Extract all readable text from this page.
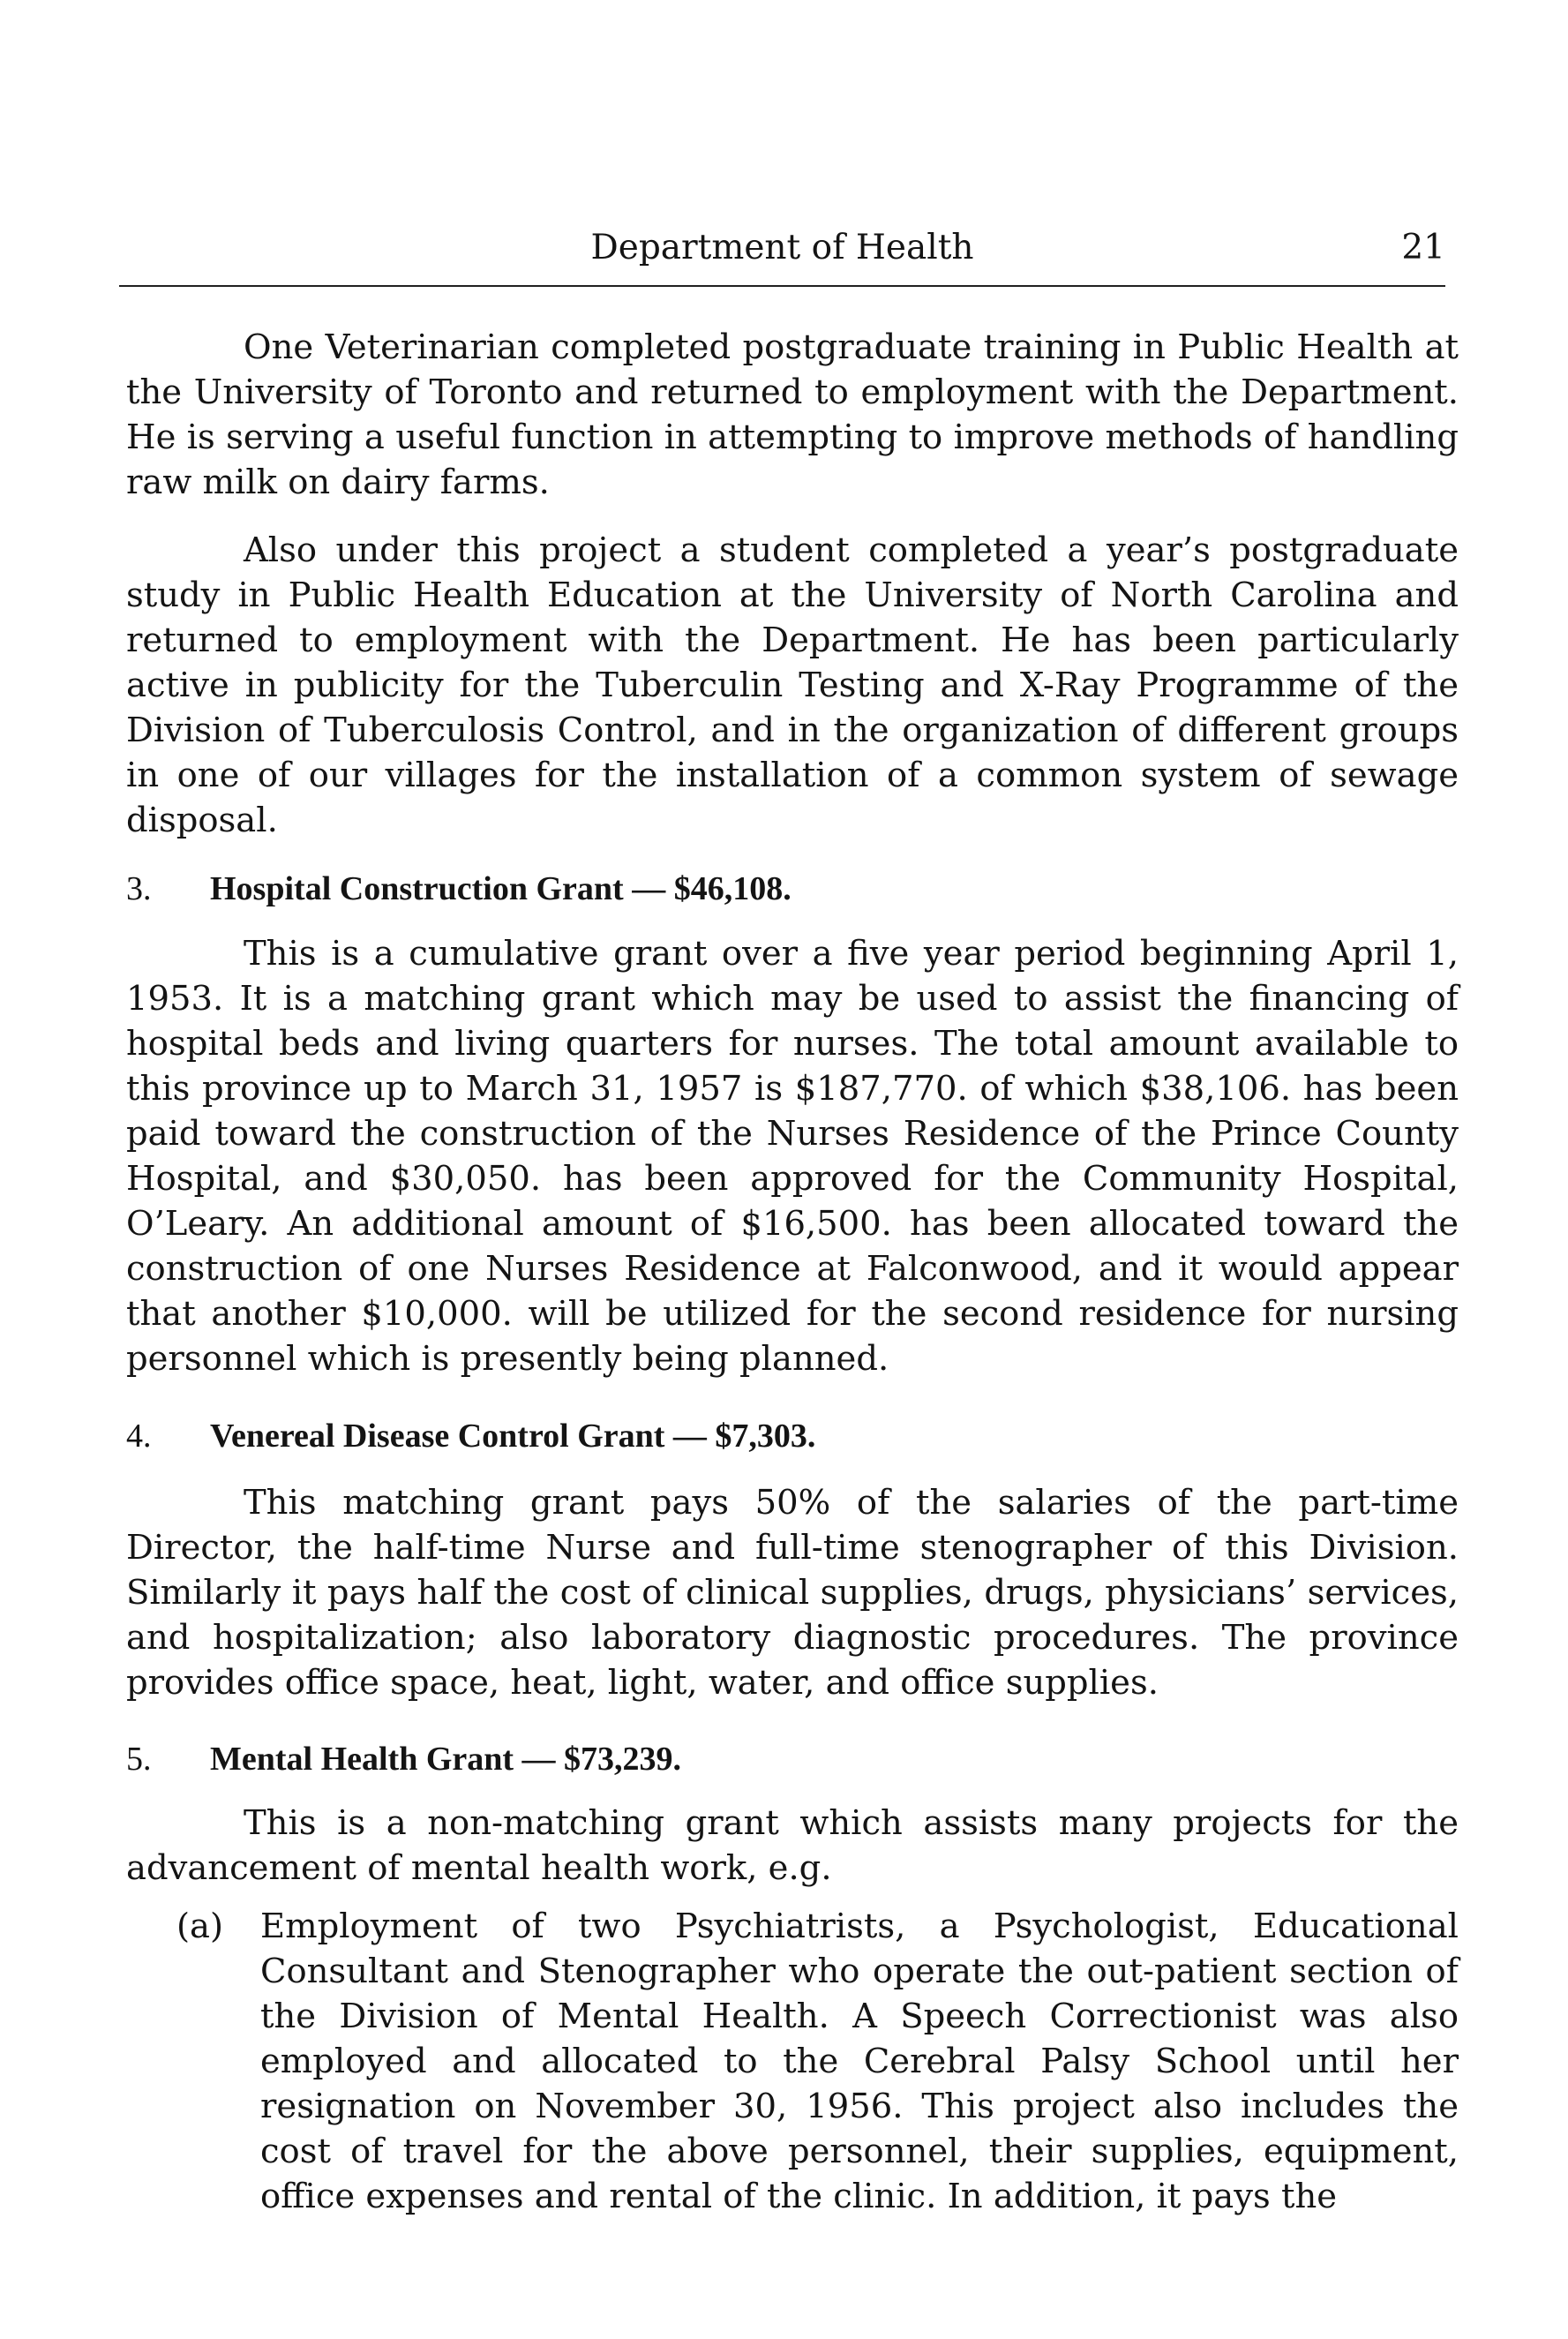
Department of Health	21

One Veterinarian completed postgraduate training in Public Health at the University of Toronto and returned to employment with the Department. He is serving a useful function in attempting to improve methods of handling raw milk on dairy farms.

Also under this project a student completed a year’s postgraduate study in Public Health Education at the University of North Carolina and returned to employment with the Department. He has been particularly active in publicity for the Tuberculin Testing and X-Ray Programme of the Division of Tuberculosis Control, and in the organization of different groups in one of our villages for the installation of a common system of sewage disposal.

3. Hospital Construction Grant — $46,108.

This is a cumulative grant over a five year period beginning April 1, 1953. It is a matching grant which may be used to assist the financing of hospital beds and living quarters for nurses. The total amount available to this province up to March 31, 1957 is $187,770. of which $38,106. has been paid toward the construction of the Nurses Residence of the Prince County Hospital, and $30,050. has been approved for the Community Hospital, O’Leary. An additional amount of $16,500. has been allocated toward the construction of one Nurses Residence at Falconwood, and it would appear that another $10,000. will be utilized for the second residence for nursing personnel which is presently being planned.

4. Venereal Disease Control Grant — $7,303.

This matching grant pays 50% of the salaries of the part-time Director, the half-time Nurse and full-time stenographer of this Division. Similarly it pays half the cost of clinical supplies, drugs, physicians’ services, and hospitalization; also laboratory diagnostic procedures. The province provides office space, heat, light, water, and office supplies.

5. Mental Health Grant — $73,239.

This is a non-matching grant which assists many projects for the advancement of mental health work, e.g.

(a) Employment of two Psychiatrists, a Psychologist, Educational Consultant and Stenographer who operate the out-patient section of the Division of Mental Health. A Speech Correctionist was also employed and allocated to the Cerebral Palsy School until her resignation on November 30, 1956. This project also includes the cost of travel for the above personnel, their supplies, equipment, office expenses and rental of the clinic. In addition, it pays the
